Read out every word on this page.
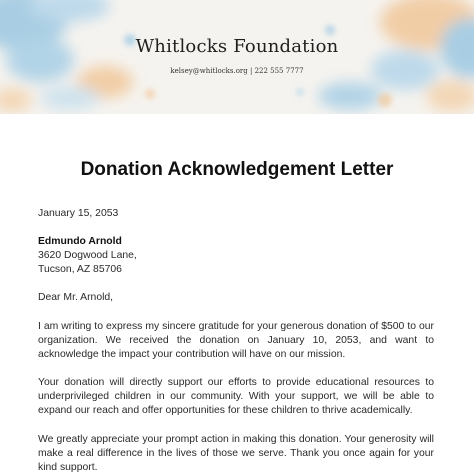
Whitlocks Foundation
kelsey@whitlocks.org | 222 555 7777
Donation Acknowledgement Letter
January 15, 2053
Edmundo Arnold
3620 Dogwood Lane,
Tucson, AZ 85706
Dear Mr. Arnold,
I am writing to express my sincere gratitude for your generous donation of $500 to our organization. We received the donation on January 10, 2053, and want to acknowledge the impact your contribution will have on our mission.
Your donation will directly support our efforts to provide educational resources to underprivileged children in our community. With your support, we will be able to expand our reach and offer opportunities for these children to thrive academically.
We greatly appreciate your prompt action in making this donation. Your generosity will make a real difference in the lives of those we serve. Thank you once again for your kind support.
